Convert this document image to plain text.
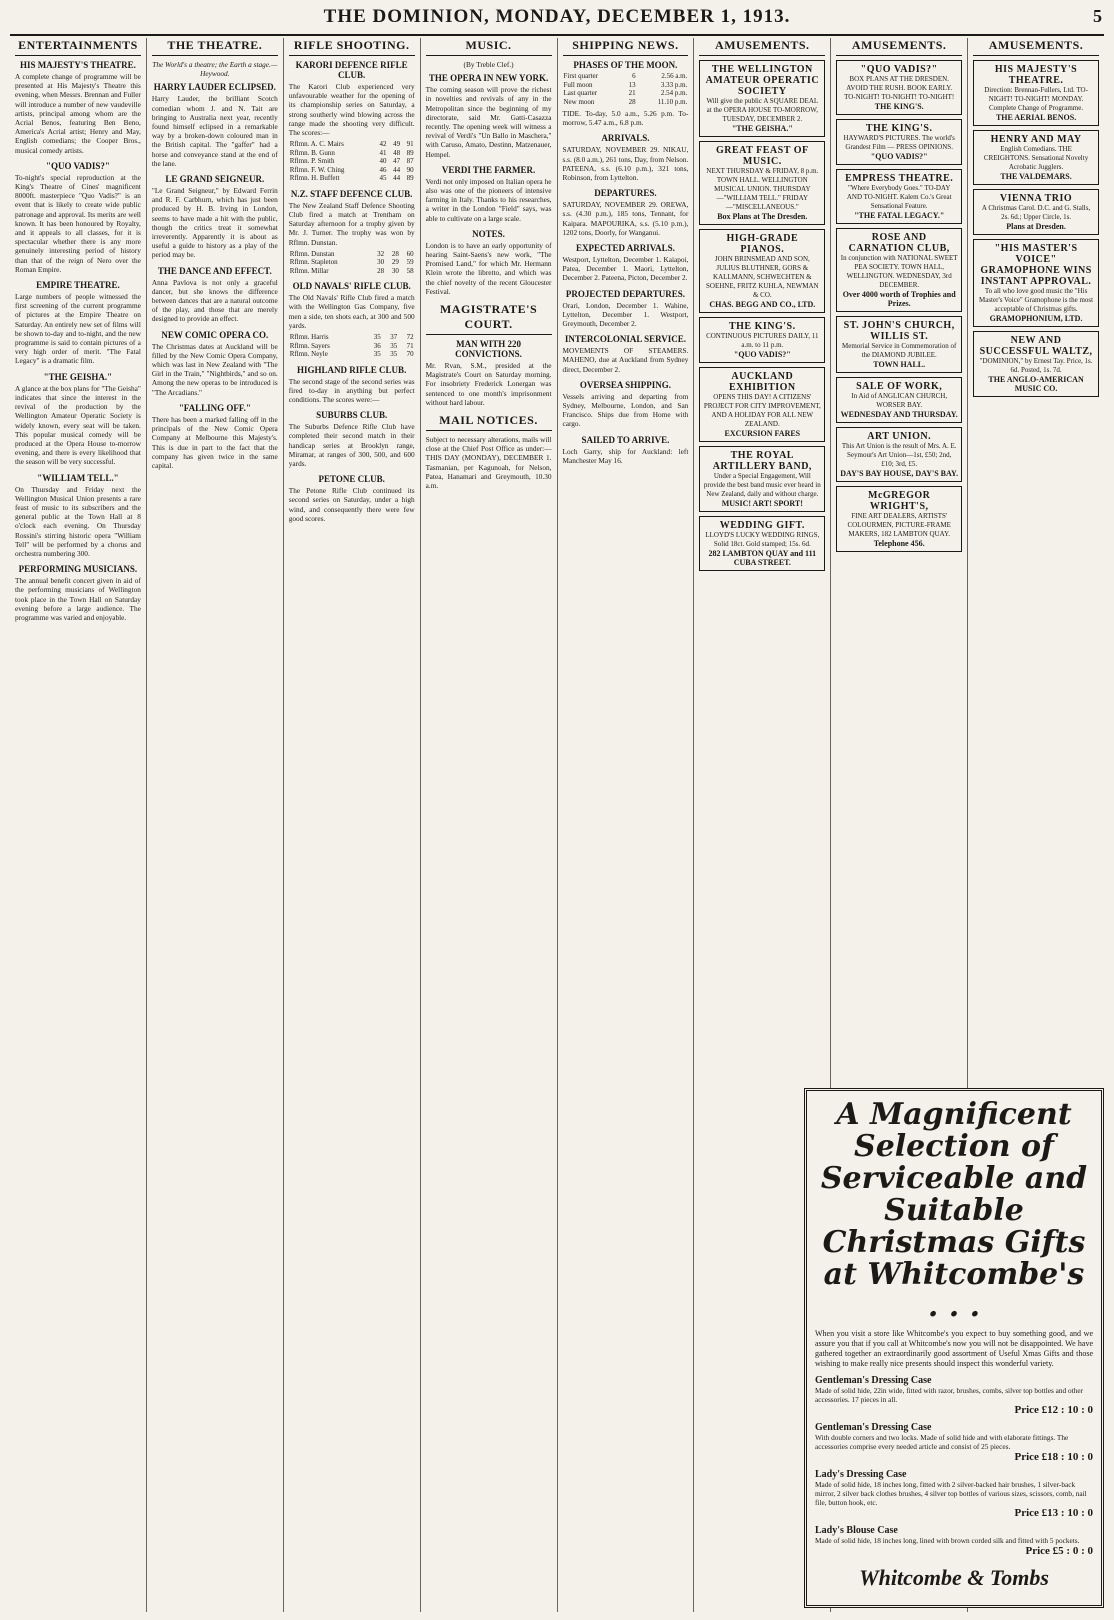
THE DOMINION, MONDAY, DECEMBER 1, 1913.	5
ENTERTAINMENTS
HIS MAJESTY'S THEATRE.

A complete change of programme will be presented at His Majesty's Theatre this evening, when Messrs. Brennan and Fuller will introduce a number of new vaudeville artists, principal among whom are the Acrial Benos, featuring Ben Beno, America's Acrial artist; Henry and May, English comedians; the Cooper Bros., musical comedy artists.

"QUO VADIS?"

To-night's special reproduction at the King's Theatre of Cines' magnificent 8000ft. masterpiece "Quo Vadis?" is an event that is likely to create wide public patronage and approval. Its merits are well known. It has been honoured by Royalty, and it appeals to all classes, for it is spectacular whether there is any more genuinely interesting period of history than that of the reign of Nero over the Roman Empire.

EMPIRE THEATRE.

Large numbers of people witnessed the first screening of the current programme of pictures at the Empire Theatre on Saturday. An entirely new set of films will be shown to-day and to-night, and the new programme is said to contain pictures of a very high order of merit. "The Fatal Legacy" is a dramatic film.

"THE GEISHA."

A glance at the box plans for "The Geisha" indicates that since the interest in the revival of the production by the Wellington Amateur Operatic Society is widely known, every seat will be taken. This popular musical comedy will be produced at the Opera House to-morrow evening, and there is every likelihood that the season will be very successful.

"WILLIAM TELL."

On Thursday and Friday next the Wellington Musical Union presents a rare feast of music to its subscribers and the general public at the Town Hall at 8 o'clock each evening. On Thursday Rossini's stirring historic opera "William Tell" will be performed by a chorus and orchestra numbering 300.

PERFORMING MUSICIANS.

The annual benefit concert given in aid of the performing musicians of Wellington took place in the Town Hall on Saturday evening before a large audience. The programme was varied and enjoyable.

THE THEATRE.

The World's a theatre; the Earth a stage.—Heywood.

HARRY LAUDER ECLIPSED.

Harry Lauder, the brilliant Scotch comedian whom J. and N. Tait are bringing to Australia next year, recently found himself eclipsed in a remarkable way by a broken-down coloured man in the British capital. The "gaffer" had a horse and conveyance stand at the end of the lane.

LE GRAND SEIGNEUR.

"Le Grand Seigneur," by Edward Ferrin and R. F. Carbhurn, which has just been produced by H. B. Irving in London, seems to have made a hit with the public, though the critics treat it somewhat irreverently. Apparently it is about as useful a guide to history as a play of the period may be.

THE DANCE AND EFFECT.

Anna Pavlova is not only a graceful dancer, but she knows the difference between dances that are a natural outcome of the play, and those that are merely designed to provide an effect.

NEW COMIC OPERA CO.

The Christmas dates at Auckland will be filled by the New Comic Opera Company, which was last in New Zealand with "The Girl in the Train," "Nightbirds," and so on. Among the new operas to be introduced is "The Arcadians."

"FALLING OFF."

There has been a marked falling off in the principals of the New Comic Opera Company at Melbourne this Majesty's. This is due in part to the fact that the company has given twice in the same capital.

RIFLE SHOOTING.
KARORI DEFENCE RIFLE CLUB.

The Karori Club experienced very unfavourable weather for the opening of its championship series on Saturday, a strong southerly wind blowing across the range made the shooting very difficult. The scores:—

Rflmn. A. C. Mairs	42	49	91
Rflmn. B. Gunn	41	48	89
Rflmn. P. Smith	40	47	87
Rflmn. F. W. Ching	46	44	90
Rflmn. H. Buffett	45	44	89
N.Z. STAFF DEFENCE CLUB.

The New Zealand Staff Defence Shooting Club fired a match at Trentham on Saturday afternoon for a trophy given by Mr. J. Turner. The trophy was won by Rflmn. Dunstan.

Rflmn. Dunstan	32	28	60
Rflmn. Stapleton	30	29	59
Rflmn. Millar	28	30	58
OLD NAVALS' RIFLE CLUB.

The Old Navals' Rifle Club fired a match with the Wellington Gas Company, five men a side, ten shots each, at 300 and 500 yards.

Rflmn. Harris	35	37	72
Rflmn. Sayers	36	35	71
Rflmn. Neyle	35	35	70
HIGHLAND RIFLE CLUB.

The second stage of the second series was fired to-day in anything but perfect conditions. The scores were:—

SUBURBS CLUB.

The Suburbs Defence Rifle Club have completed their second match in their handicap series at Brooklyn range, Miramar, at ranges of 300, 500, and 600 yards.

PETONE CLUB.

The Petone Rifle Club continued its second series on Saturday, under a high wind, and consequently there were few good scores.

MUSIC.

(By Treble Clef.)

THE OPERA IN NEW YORK.

The coming season will prove the richest in novelties and revivals of any in the Metropolitan since the beginning of my directorate, said Mr. Gatti-Casazza recently. The opening week will witness a revival of Verdi's "Un Ballo in Maschera," with Caruso, Amato, Destinn, Matzenauer, Hempel.

VERDI THE FARMER.

Verdi not only imposed on Italian opera he also was one of the pioneers of intensive farming in Italy. Thanks to his researches, a writer in the London "Field" says, was able to cultivate on a large scale.

NOTES.

London is to have an early opportunity of hearing Saint-Saens's new work, "The Promised Land," for which Mr. Hermann Klein wrote the libretto, and which was the chief novelty of the recent Gloucester Festival.

MAGISTRATE'S COURT.
MAN WITH 220 CONVICTIONS.

Mr. Rvan, S.M., presided at the Magistrate's Court on Saturday morning. For insobriety Frederick Lonergan was sentenced to one month's imprisonment without hard labour.

MAIL NOTICES.

Subject to necessary alterations, mails will close at the Chief Post Office as under:— THIS DAY (MONDAY), DECEMBER 1. Tasmanian, per Kagunoah, for Nelson, Patea, Hanamari and Greymouth, 10.30 a.m.

SHIPPING NEWS.
PHASES OF THE MOON.
First quarter	6	2.56 a.m.
Full moon	13	3.33 p.m.
Last quarter	21	2.54 p.m.
New moon	28	11.10 p.m.

TIDE. To-day, 5.0 a.m., 5.26 p.m. To-morrow, 5.47 a.m., 6.8 p.m.

ARRIVALS.

SATURDAY, NOVEMBER 29. NIKAU, s.s. (8.0 a.m.), 261 tons, Day, from Nelson. PATEENA, s.s. (6.10 p.m.), 321 tons, Robinson, from Lyttelton.

DEPARTURES.

SATURDAY, NOVEMBER 29. OREWA, s.s. (4.30 p.m.), 185 tons, Tennant, for Kaipara. MAPOURIKA, s.s. (5.10 p.m.), 1202 tons, Doorly, for Wanganui.

EXPECTED ARRIVALS.

Westport, Lyttelton, December 1. Kaiapoi, Patea, December 1. Maori, Lyttelton, December 2. Pateena, Picton, December 2.

PROJECTED DEPARTURES.

Orari, London, December 1. Wahine, Lyttelton, December 1. Westport, Greymouth, December 2.

INTERCOLONIAL SERVICE.

MOVEMENTS OF STEAMERS. MAHENO, due at Auckland from Sydney direct, December 2.

OVERSEA SHIPPING.

Vessels arriving and departing from Sydney, Melbourne, London, and San Francisco. Ships due from Home with cargo.

SAILED TO ARRIVE.

Loch Garry, ship for Auckland: left Manchester May 16.

AMUSEMENTS.
THE WELLINGTON AMATEUR OPERATIC SOCIETY
Will give the public A SQUARE DEAL at the OPERA HOUSE TO-MORROW, TUESDAY, DECEMBER 2.
"THE GEISHA."
GREAT FEAST OF MUSIC.
NEXT THURSDAY & FRIDAY, 8 p.m. TOWN HALL. WELLINGTON MUSICAL UNION. THURSDAY—"WILLIAM TELL." FRIDAY—"MISCELLANEOUS."
Box Plans at The Dresden.
HIGH-GRADE PIANOS.
JOHN BRINSMEAD AND SON, JULIUS BLUTHNER, GORS & KALLMANN, SCHWECHTEN & SOEHNE, FRITZ KUHLA, NEWMAN & CO.
CHAS. BEGG AND CO., LTD.
THE KING'S.
CONTINUOUS PICTURES DAILY, 11 a.m. to 11 p.m.
"QUO VADIS?"
AUCKLAND EXHIBITION
OPENS THIS DAY! A CITIZENS' PROJECT FOR CITY IMPROVEMENT, AND A HOLIDAY FOR ALL NEW ZEALAND.
EXCURSION FARES
THE ROYAL ARTILLERY BAND,
Under a Special Engagement, Will provide the best band music ever heard in New Zealand, daily and without charge.
MUSIC! ART! SPORT!
WEDDING GIFT.
LLOYD'S LUCKY WEDDING RINGS, Solid 18ct. Gold stamped; 15s. 6d.
282 LAMBTON QUAY and 111 CUBA STREET.
AMUSEMENTS.
"QUO VADIS?"
BOX PLANS AT THE DRESDEN. AVOID THE RUSH. BOOK EARLY. TO-NIGHT! TO-NIGHT! TO-NIGHT!
THE KING'S.
THE KING'S.
HAYWARD'S PICTURES. The world's Grandest Film — PRESS OPINIONS.
"QUO VADIS?"
EMPRESS THEATRE.
"Where Everybody Goes." TO-DAY AND TO-NIGHT. Kalem Co.'s Great Sensational Feature.
"THE FATAL LEGACY."
ROSE AND CARNATION CLUB,
In conjunction with NATIONAL SWEET PEA SOCIETY. TOWN HALL, WELLINGTON. WEDNESDAY, 3rd DECEMBER.
Over 4000 worth of Trophies and Prizes.
ST. JOHN'S CHURCH, WILLIS ST.
Memorial Service in Commemoration of the DIAMOND JUBILEE.
TOWN HALL.
SALE OF WORK,
In Aid of ANGLICAN CHURCH, WORSER BAY.
WEDNESDAY AND THURSDAY.
ART UNION.
This Art Union is the result of Mrs. A. E. Seymour's Art Union—1st, £50; 2nd, £10; 3rd, £5.
DAY'S BAY HOUSE, DAY'S BAY.
McGREGOR WRIGHT'S,
FINE ART DEALERS, ARTISTS' COLOURMEN, PICTURE-FRAME MAKERS, 182 LAMBTON QUAY.
Telephone 456.
AMUSEMENTS.
HIS MAJESTY'S THEATRE.
Direction: Brennan-Fullers, Ltd. TO-NIGHT! TO-NIGHT! MONDAY. Complete Change of Programme.
THE AERIAL BENOS.
HENRY AND MAY
English Comedians. THE CREIGHTONS. Sensational Novelty Acrobatic Jugglers.
THE VALDEMARS.
VIENNA TRIO
A Christmas Carol. D.C. and G. Stalls, 2s. 6d.; Upper Circle, 1s.
Plans at Dresden.
"HIS MASTER'S VOICE" GRAMOPHONE WINS INSTANT APPROVAL.
To all who love good music the "His Master's Voice" Gramophone is the most acceptable of Christmas gifts.
GRAMOPHONIUM, LTD.
NEW AND SUCCESSFUL WALTZ,
"DOMINION," by Ernest Tay. Price, 1s. 6d. Posted, 1s. 7d.
THE ANGLO-AMERICAN MUSIC CO.
A Magnificent Selection of Serviceable and Suitable Christmas Gifts at Whitcombe's . . .

When you visit a store like Whitcombe's you expect to buy something good, and we assure you that if you call at Whitcombe's now you will not be disappointed. We have gathered together an extraordinarily good assortment of Useful Xmas Gifts and those wishing to make really nice presents should inspect this wonderful variety.

Gentleman's Dressing Case
Made of solid hide, 22in wide, fitted with razor, brushes, combs, silver top bottles and other accessories. 17 pieces in all.
Price £12 : 10 : 0
Gentleman's Dressing Case
With double corners and two locks. Made of solid hide and with elaborate fittings. The accessories comprise every needed article and consist of 25 pieces.
Price £18 : 10 : 0
Lady's Dressing Case
Made of solid hide, 18 inches long, fitted with 2 silver-backed hair brushes, 1 silver-back mirror, 2 silver back clothes brushes, 4 silver top bottles of various sizes, scissors, comb, nail file, button hook, etc.
Price £13 : 10 : 0
Lady's Blouse Case
Made of solid hide, 18 inches long, lined with brown corded silk and fitted with 5 pockets.
Price £5 : 0 : 0
Whitcombe & Tombs
